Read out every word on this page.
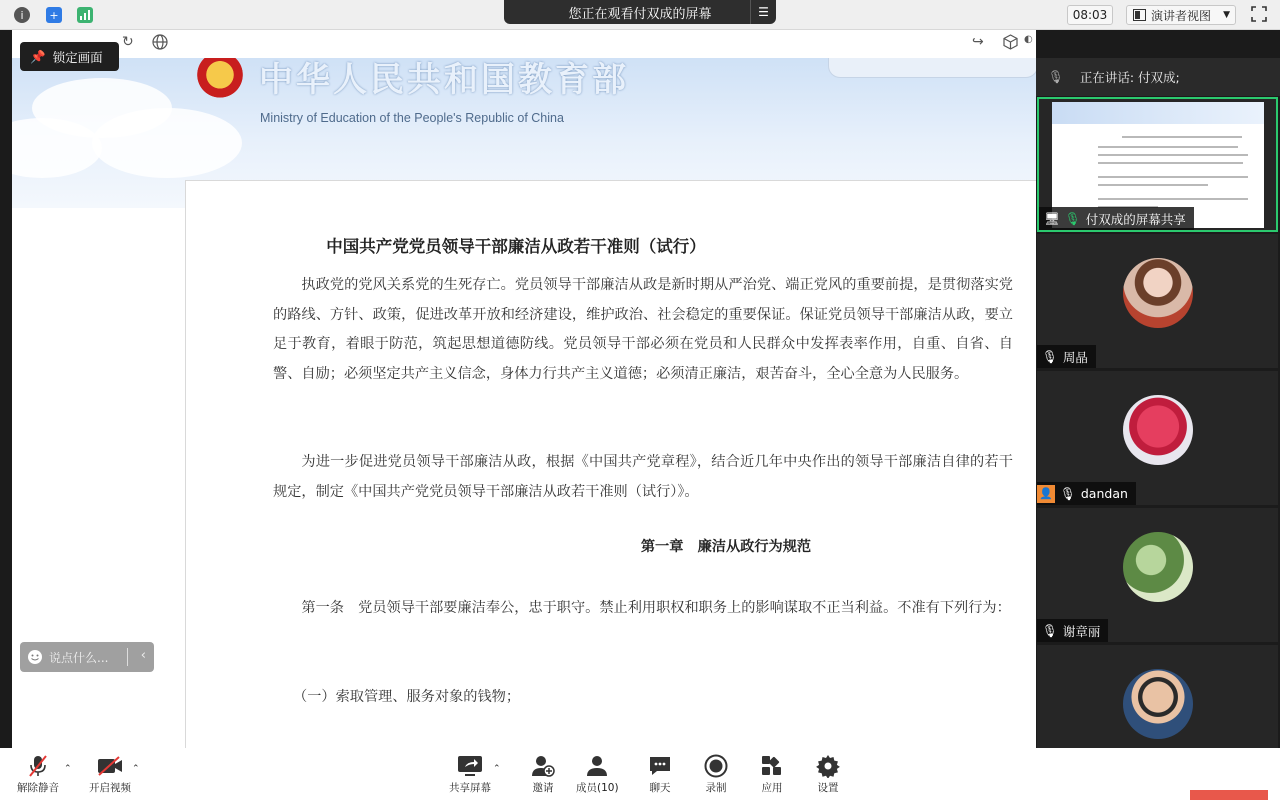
i	+	您正在观看付双成的屏幕	☰	08:03	演讲者视图 ▼
↻	↪	◐
中华人民共和国教育部
Ministry of Education of the People's Republic of China
中国共产党党员领导干部廉洁从政若干准则（试行）
执政党的党风关系党的生死存亡。党员领导干部廉洁从政是新时期从严治党、端正党风的重要前提，是贯彻落实党的路线、方针、政策，促进改革开放和经济建设，维护政治、社会稳定的重要保证。保证党员领导干部廉洁从政，要立足于教育，着眼于防范，筑起思想道德防线。党员领导干部必须在党员和人民群众中发挥表率作用，自重、自省、自警、自励；必须坚定共产主义信念，身体力行共产主义道德；必须清正廉洁，艰苦奋斗，全心全意为人民服务。
为进一步促进党员领导干部廉洁从政，根据《中国共产党章程》，结合近几年中央作出的领导干部廉洁自律的若干规定，制定《中国共产党党员领导干部廉洁从政若干准则（试行）》。
第一章　廉洁从政行为规范
第一条　党员领导干部要廉洁奉公，忠于职守。禁止利用职权和职务上的影响谋取不正当利益。不准有下列行为：
（一）索取管理、服务对象的钱物；
📌 锁定画面
说点什么... ‹
🎙 正在讲话: 付双成;
🖥 🎙 付双成的屏幕共享
🎙 周晶
👤 🎙 dandan
🎙 谢章丽
解除静音
⌃
开启视频
⌃
共享屏幕
⌃
邀请 成员(10)	聊天	录制	应用	设置
